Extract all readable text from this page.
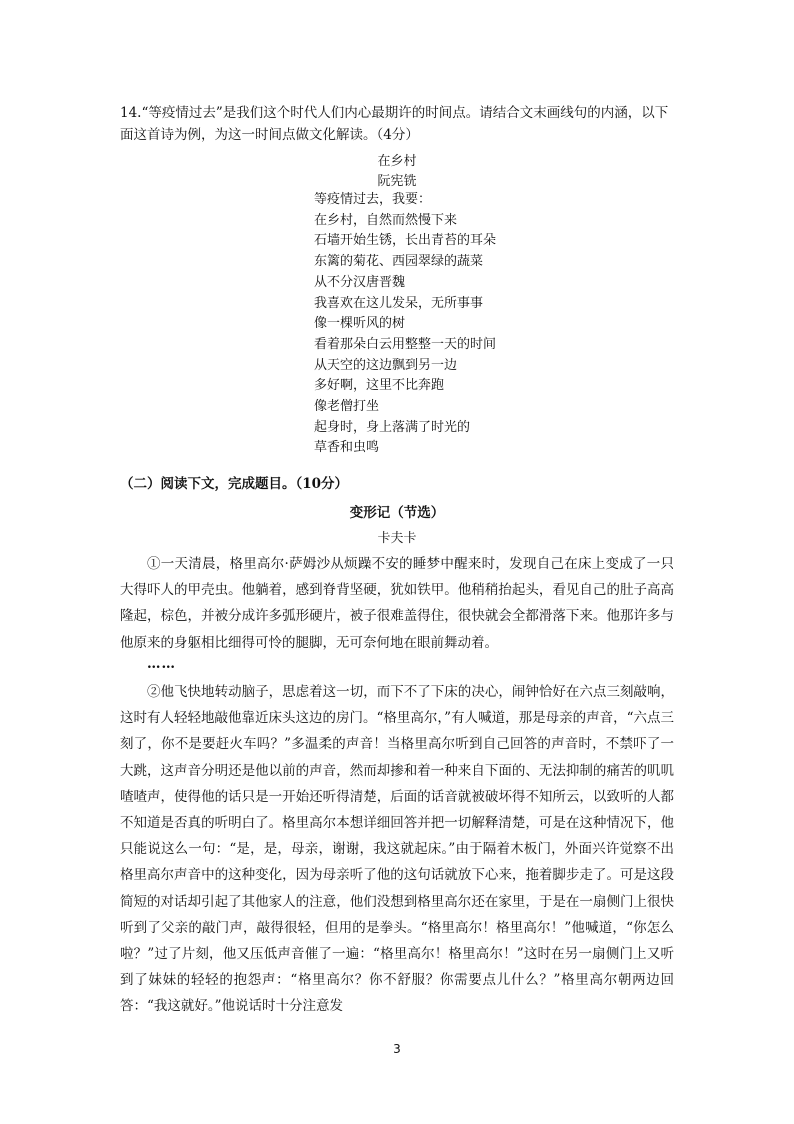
14.“等疫情过去”是我们这个时代人们内心最期许的时间点。请结合文末画线句的内涵，以下面这首诗为例，为这一时间点做文化解读。（4分）
在乡村
阮宪铣
等疫情过去，我要：
在乡村，自然而然慢下来
石墙开始生锈，长出青苔的耳朵
东篱的菊花、西园翠绿的蔬菜
从不分汉唐晋魏
我喜欢在这儿发呆，无所事事
像一棵听风的树
看着那朵白云用整整一天的时间
从天空的这边飘到另一边
多好啊，这里不比奔跑
像老僧打坐
起身时，身上落满了时光的
草香和虫鸣
（二）阅读下文，完成题目。（10分）
变形记（节选）
卡夫卡
①一天清晨，格里高尔·萨姆沙从烦躁不安的睡梦中醒来时，发现自己在床上变成了一只大得吓人的甲壳虫。他躺着，感到脊背坚硬，犹如铁甲。他稍稍抬起头，看见自己的肚子高高隆起，棕色，并被分成许多弧形硬片，被子很难盖得住，很快就会全都滑落下来。他那许多与他原来的身躯相比细得可怜的腿脚，无可奈何地在眼前舞动着。
……
②他飞快地转动脑子，思虑着这一切，而下不了下床的决心，闹钟恰好在六点三刻敲响，这时有人轻轻地敲他靠近床头这边的房门。“格里高尔，”有人喊道，那是母亲的声音，“六点三刻了，你不是要赶火车吗？”多温柔的声音！当格里高尔听到自己回答的声音时，不禁吓了一大跳，这声音分明还是他以前的声音，然而却掺和着一种来自下面的、无法抑制的痛苦的叽叽喳喳声，使得他的话只是一开始还听得清楚，后面的话音就被破坏得不知所云，以致听的人都不知道是否真的听明白了。格里高尔本想详细回答并把一切解释清楚，可是在这种情况下，他只能说这么一句：“是，是，母亲，谢谢，我这就起床。”由于隔着木板门，外面兴许觉察不出格里高尔声音中的这种变化，因为母亲听了他的这句话就放下心来，拖着脚步走了。可是这段简短的对话却引起了其他家人的注意，他们没想到格里高尔还在家里，于是在一扇侧门上很快听到了父亲的敲门声，敲得很轻，但用的是拳头。“格里高尔！格里高尔！”他喊道，“你怎么啦？”过了片刻，他又压低声音催了一遍：“格里高尔！格里高尔！”这时在另一扇侧门上又听到了妹妹的轻轻的抱怨声：“格里高尔？你不舒服？你需要点儿什么？”格里高尔朝两边回答：“我这就好。”他说话时十分注意发
3
